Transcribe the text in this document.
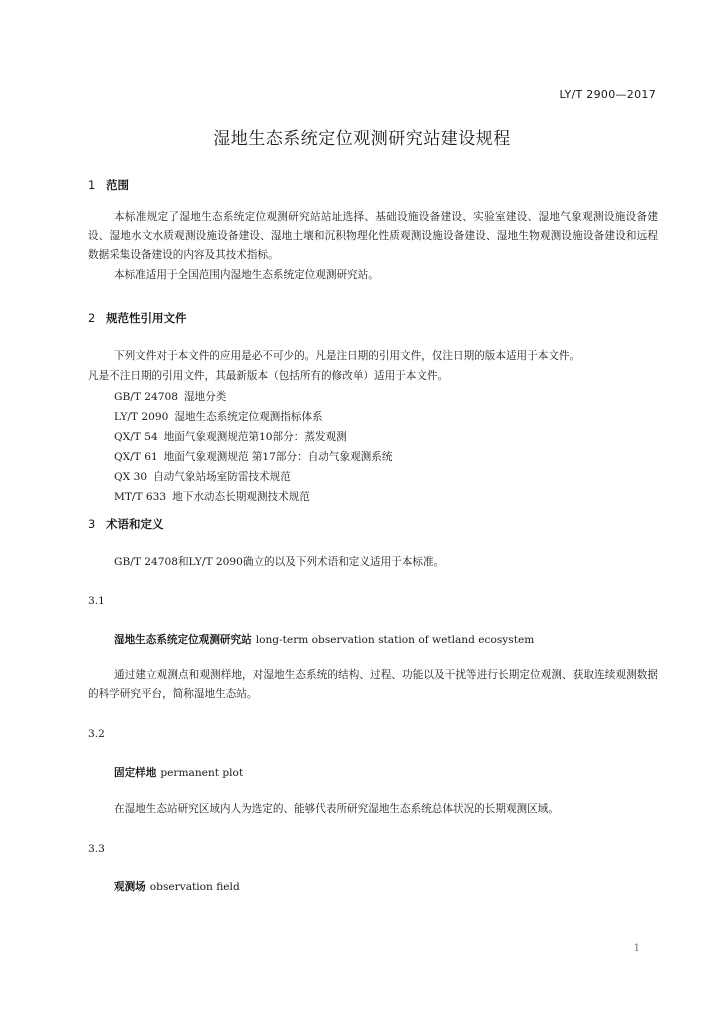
LY/T 2900—2017
湿地生态系统定位观测研究站建设规程
1 范围
本标准规定了湿地生态系统定位观测研究站站址选择、基础设施设备建设、实验室建设、湿地气象观测设施设备建设、湿地水文水质观测设施设备建设、湿地土壤和沉积物理化性质观测设施设备建设、湿地生物观测设施设备建设和远程数据采集设备建设的内容及其技术指标。
本标准适用于全国范围内湿地生态系统定位观测研究站。
2 规范性引用文件
下列文件对于本文件的应用是必不可少的。凡是注日期的引用文件，仅注日期的版本适用于本文件。
凡是不注日期的引用文件，其最新版本（包括所有的修改单）适用于本文件。
GB/T 24708 湿地分类
LY/T 2090 湿地生态系统定位观测指标体系
QX/T 54 地面气象观测规范第10部分：蒸发观测
QX/T 61 地面气象观测规范 第17部分：自动气象观测系统
QX 30 自动气象站场室防雷技术规范
MT/T 633 地下水动态长期观测技术规范
3 术语和定义
GB/T 24708和LY/T 2090确立的以及下列术语和定义适用于本标准。
3.1
湿地生态系统定位观测研究站 long-term observation station of wetland ecosystem
通过建立观测点和观测样地，对湿地生态系统的结构、过程、功能以及干扰等进行长期定位观测、获取连续观测数据的科学研究平台，简称湿地生态站。
3.2
固定样地 permanent plot
在湿地生态站研究区域内人为选定的、能够代表所研究湿地生态系统总体状况的长期观测区域。
3.3
观测场 observation field
1
